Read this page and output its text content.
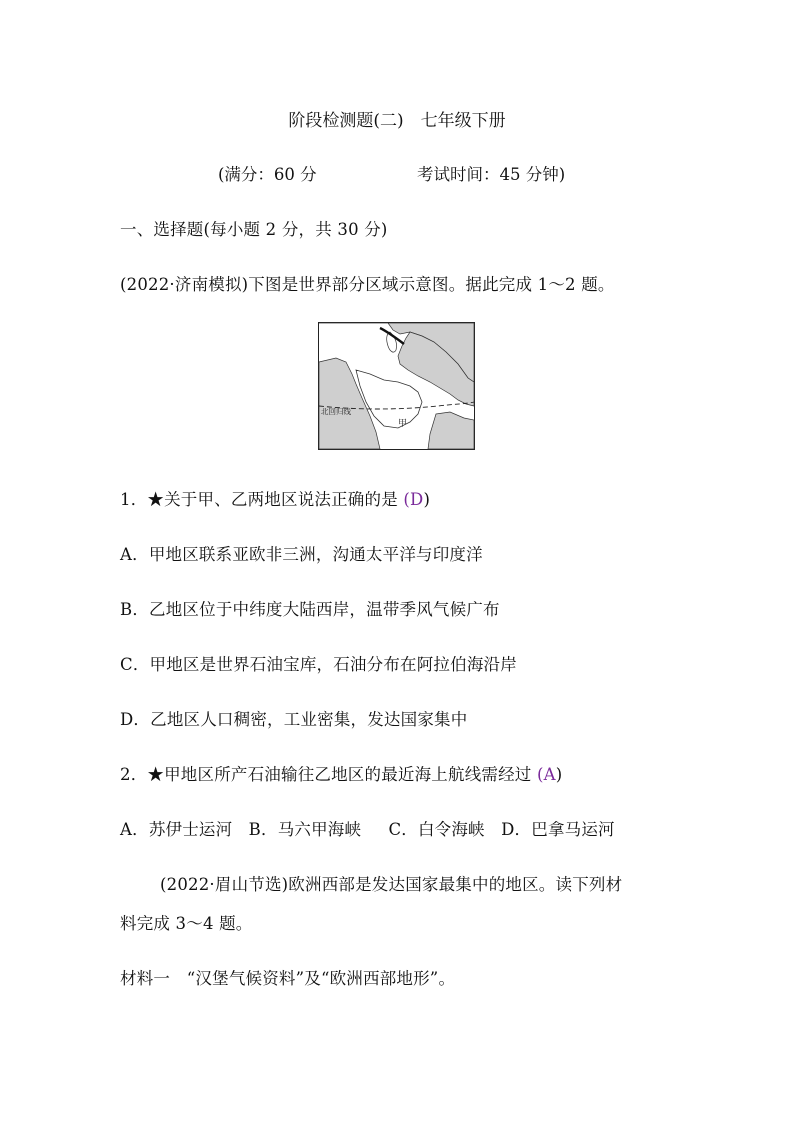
阶段检测题(二)　七年级下册
(满分：60 分	考试时间：45 分钟)
一、选择题(每小题 2 分，共 30 分)
(2022·济南模拟)下图是世界部分区域示意图。据此完成 1～2 题。
北回归线
甲
1．★关于甲、乙两地区说法正确的是 (D)
A．甲地区联系亚欧非三洲，沟通太平洋与印度洋
B．乙地区位于中纬度大陆西岸，温带季风气候广布
C．甲地区是世界石油宝库，石油分布在阿拉伯海沿岸
D．乙地区人口稠密，工业密集，发达国家集中
2．★甲地区所产石油输往乙地区的最近海上航线需经过 (A)
A．苏伊士运河 B．马六甲海峡 C．白令海峡 D．巴拿马运河
(2022·眉山节选)欧洲西部是发达国家最集中的地区。读下列材
料完成 3～4 题。
材料一　“汉堡气候资料”及“欧洲西部地形”。
